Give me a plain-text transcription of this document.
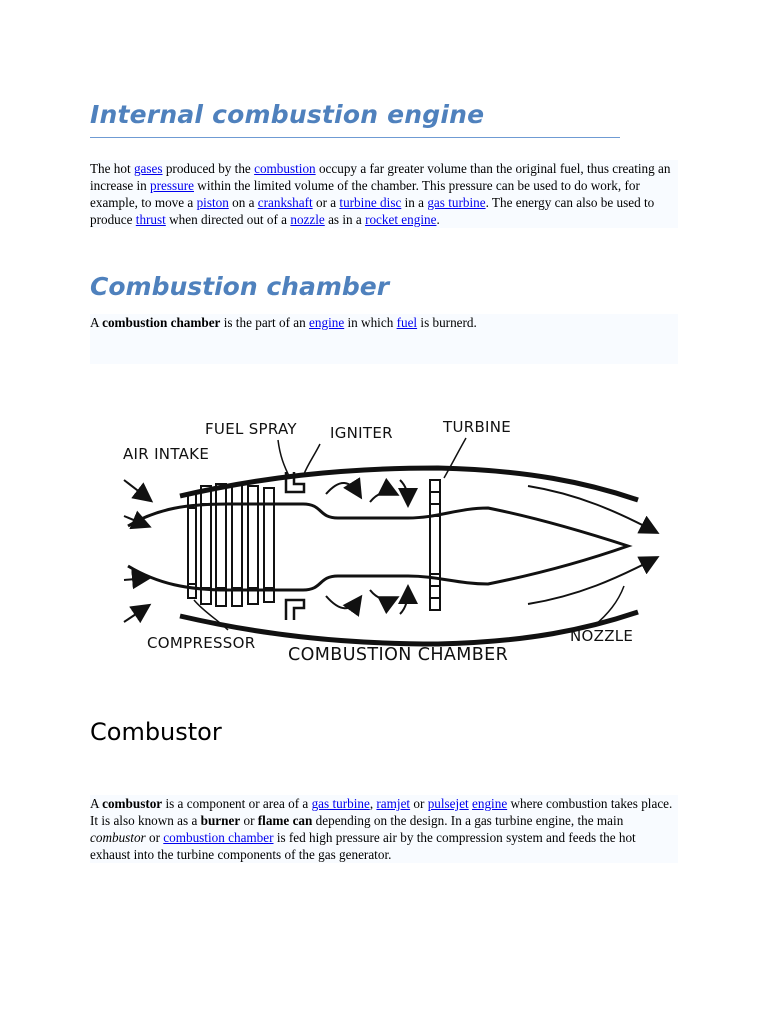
Internal combustion engine

The hot gases produced by the combustion occupy a far greater volume than the original fuel, thus creating an increase in pressure within the limited volume of the chamber. This pressure can be used to do work, for example, to move a piston on a crankshaft or a turbine disc in a gas turbine. The energy can also be used to produce thrust when directed out of a nozzle as in a rocket engine.

Combustion chamber

A combustion chamber is the part of an engine in which fuel is burnerd.

FUEL SPRAY IGNITER	TURBINE
AIR INTAKE
COMPRESSOR
COMBUSTION CHAMBER
NOZZLE
Combustor

A combustor is a component or area of a gas turbine, ramjet or pulsejet engine where combustion takes place. It is also known as a burner or flame can depending on the design. In a gas turbine engine, the main combustor or combustion chamber is fed high pressure air by the compression system and feeds the hot exhaust into the turbine components of the gas generator.
